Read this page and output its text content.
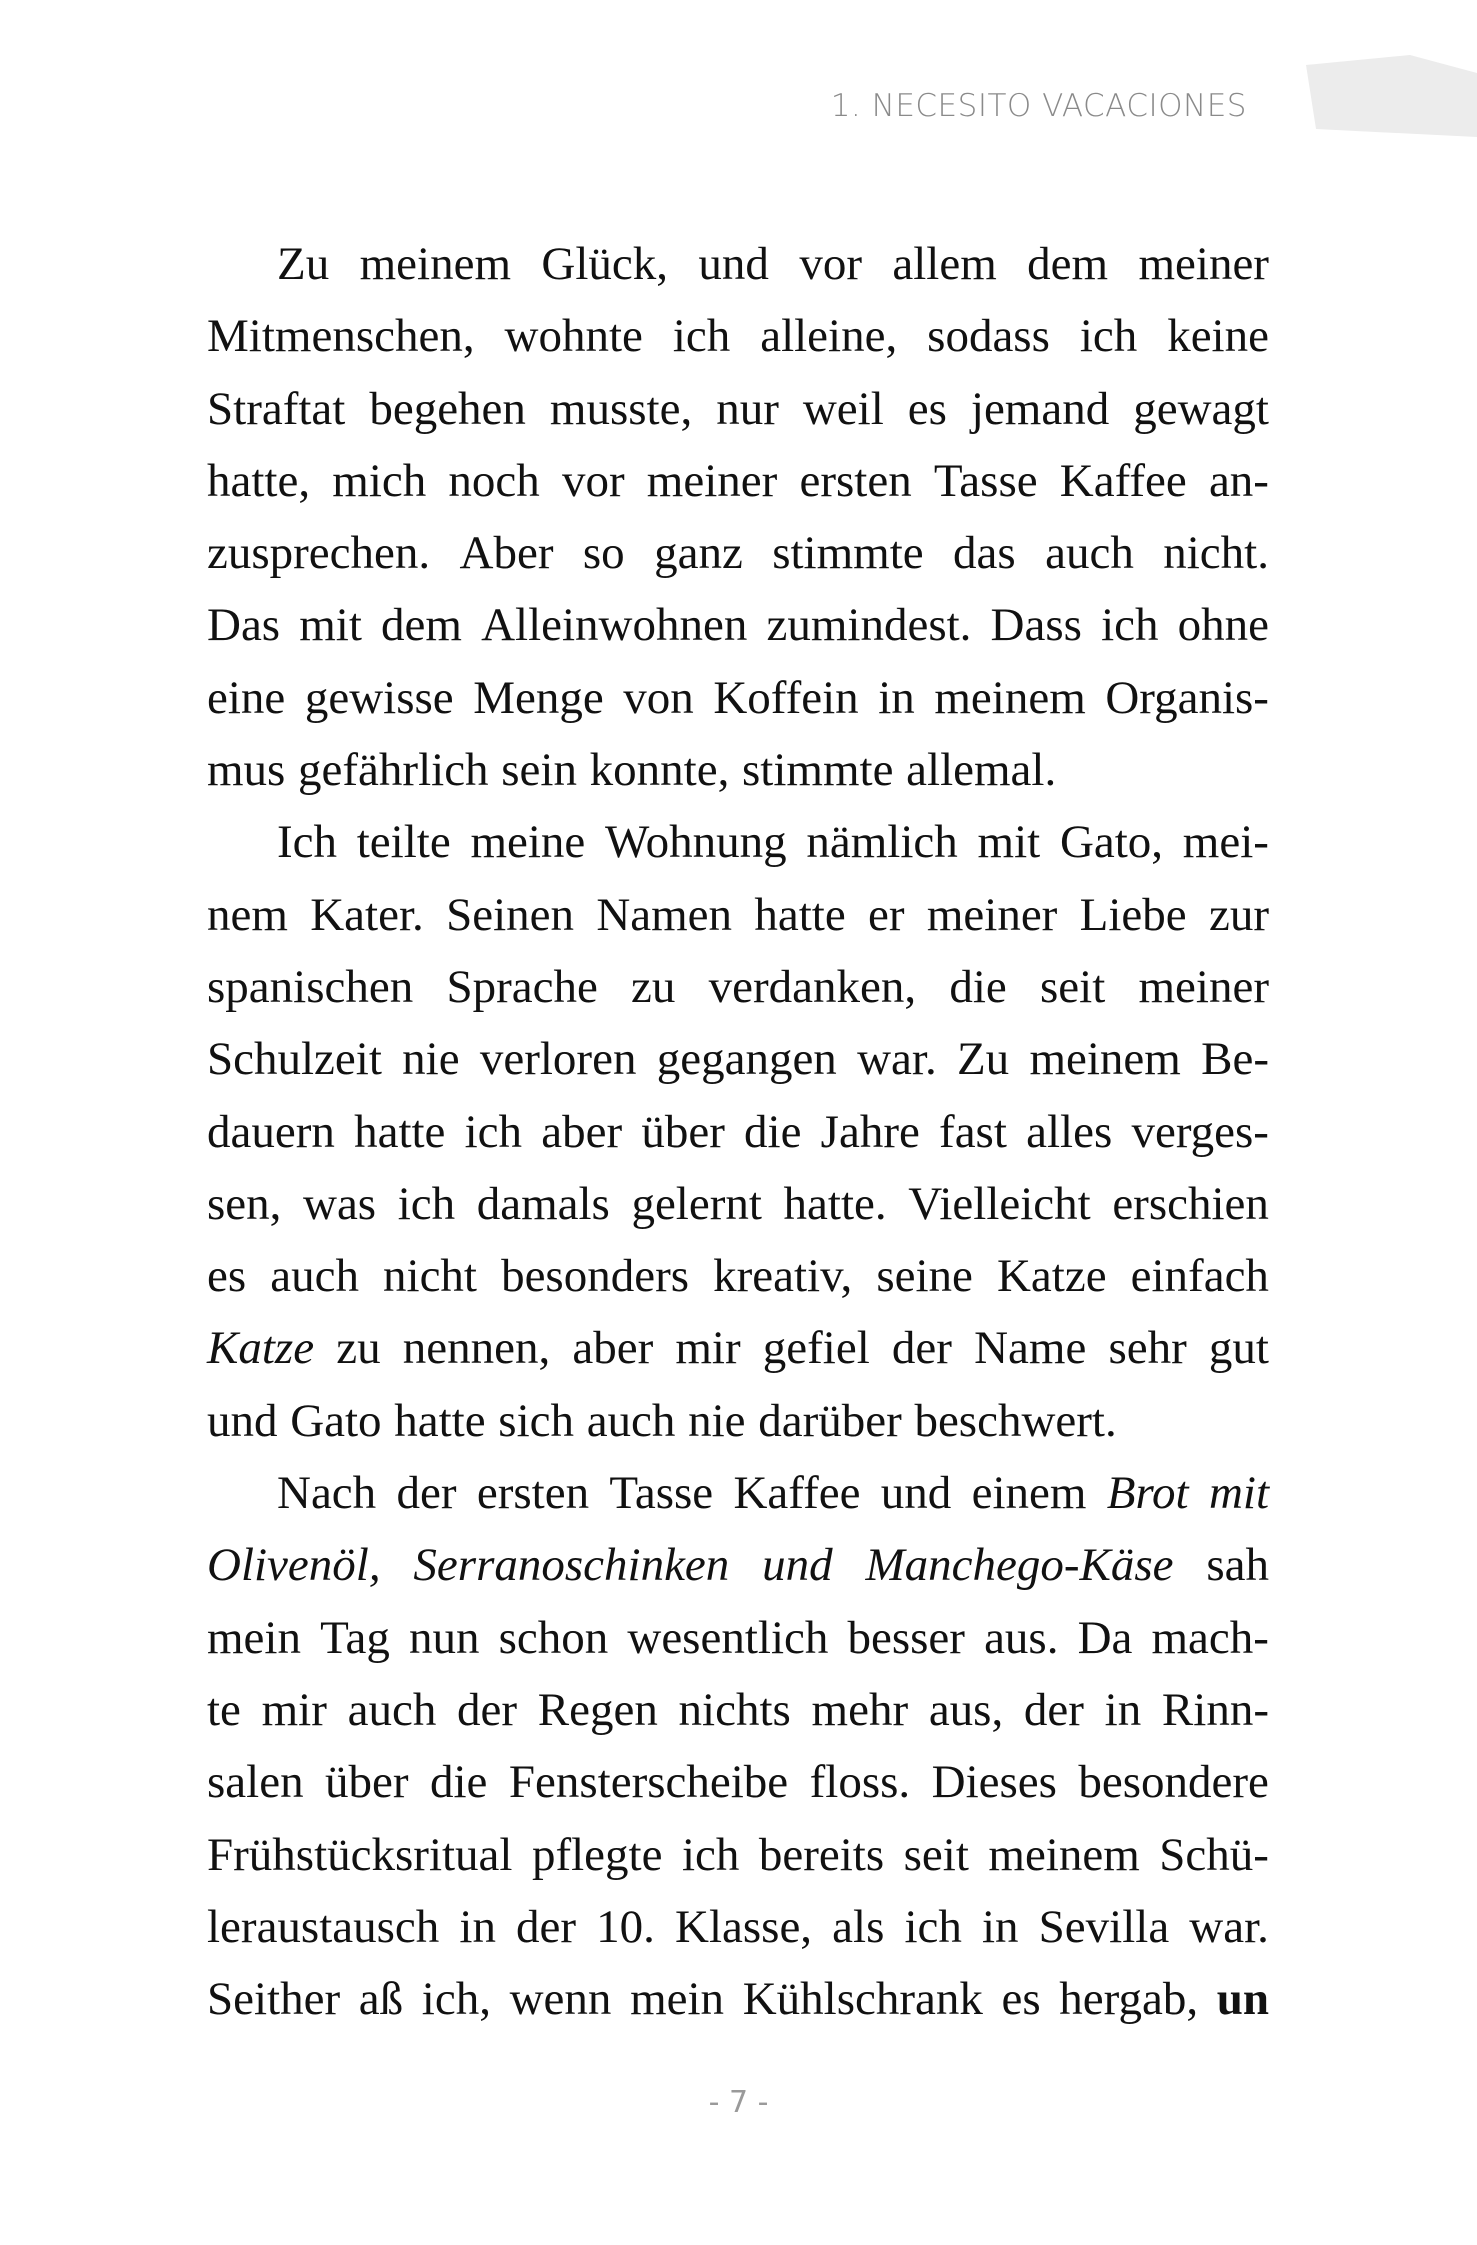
1. NECESITO VACACIONES
Zu meinem Glück, und vor allem dem meiner
Mitmenschen, wohnte ich alleine, sodass ich keine
Straftat begehen musste, nur weil es jemand gewagt
hatte, mich noch vor meiner ersten Tasse Kaffee an-
zusprechen. Aber so ganz stimmte das auch nicht.
Das mit dem Alleinwohnen zumindest. Dass ich ohne
eine gewisse Menge von Koffein in meinem Organis-
mus gefährlich sein konnte, stimmte allemal.
Ich teilte meine Wohnung nämlich mit Gato, mei-
nem Kater. Seinen Namen hatte er meiner Liebe zur
spanischen Sprache zu verdanken, die seit meiner
Schulzeit nie verloren gegangen war. Zu meinem Be-
dauern hatte ich aber über die Jahre fast alles verges-
sen, was ich damals gelernt hatte. Vielleicht erschien
es auch nicht besonders kreativ, seine Katze einfach
Katze zu nennen, aber mir gefiel der Name sehr gut
und Gato hatte sich auch nie darüber beschwert.
Nach der ersten Tasse Kaffee und einem Brot mit
Olivenöl, Serranoschinken und Manchego-Käse sah
mein Tag nun schon wesentlich besser aus. Da mach-
te mir auch der Regen nichts mehr aus, der in Rinn-
salen über die Fensterscheibe floss. Dieses besondere
Frühstücksritual pflegte ich bereits seit meinem Schü-
leraustausch in der 10. Klasse, als ich in Sevilla war.
Seither aß ich, wenn mein Kühlschrank es hergab, un
- 7 -
